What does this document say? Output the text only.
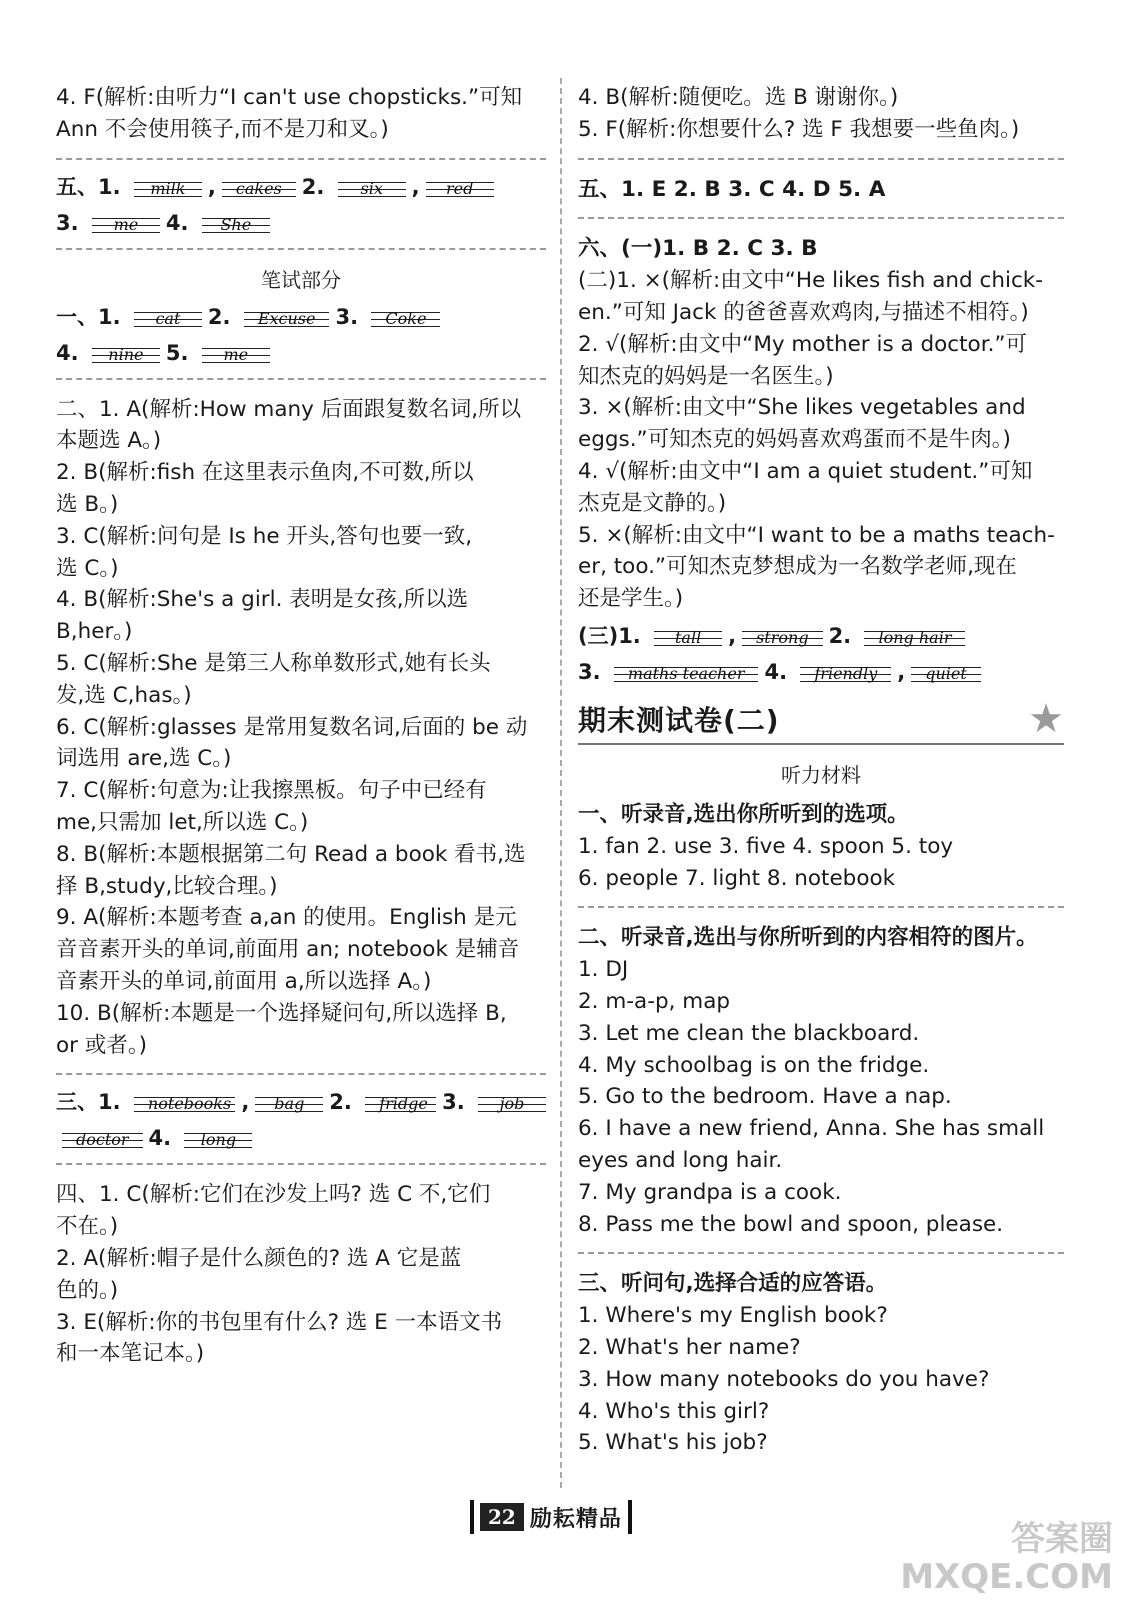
4. F(解析:由听力“I can't use chopsticks.”可知
Ann 不会使用筷子,而不是刀和叉。)

五、1.	milk	,	cakes 2.	six	,	red
3.	me	4.	She

笔试部分

一、1.	cat	2.	Excuse 3.	Coke
4.	nine	5.	me

二、1. A(解析:How many 后面跟复数名词,所以
本题选 A。)

2. B(解析:fish 在这里表示鱼肉,不可数,所以
选 B。)

3. C(解析:问句是 Is he 开头,答句也要一致,
选 C。)

4. B(解析:She's a girl. 表明是女孩,所以选
B,her。)

5. C(解析:She 是第三人称单数形式,她有长头
发,选 C,has。)

6. C(解析:glasses 是常用复数名词,后面的 be 动
词选用 are,选 C。)

7. C(解析:句意为:让我擦黑板。句子中已经有
me,只需加 let,所以选 C。)

8. B(解析:本题根据第二句 Read a book 看书,选
择 B,study,比较合理。)

9. A(解析:本题考查 a,an 的使用。English 是元
音音素开头的单词,前面用 an; notebook 是辅音
音素开头的单词,前面用 a,所以选择 A。)

10. B(解析:本题是一个选择疑问句,所以选择 B,
or 或者。)

三、1.	notebooks ,	bag	2.	fridge 3.	job
doctor 4.	long

四、1. C(解析:它们在沙发上吗? 选 C 不,它们
不在。)

2. A(解析:帽子是什么颜色的? 选 A 它是蓝
色的。)

3. E(解析:你的书包里有什么? 选 E 一本语文书
和一本笔记本。)

4. B(解析:随便吃。选 B 谢谢你。)

5. F(解析:你想要什么? 选 F 我想要一些鱼肉。)

五、1. E 2. B 3. C 4. D 5. A

六、(一)1. B 2. C 3. B

(二)1. ×(解析:由文中“He likes fish and chick-
en.”可知 Jack 的爸爸喜欢鸡肉,与描述不相符。)

2. √(解析:由文中“My mother is a doctor.”可
知杰克的妈妈是一名医生。)

3. ×(解析:由文中“She likes vegetables and
eggs.”可知杰克的妈妈喜欢鸡蛋而不是牛肉。)

4. √(解析:由文中“I am a quiet student.”可知
杰克是文静的。)

5. ×(解析:由文中“I want to be a maths teach-
er, too.”可知杰克梦想成为一名数学老师,现在
还是学生。)

(三)1.	tall	,	strong 2.	long hair
3.	maths teacher 4.	friendly ,	quiet
期末测试卷(二)	★

听力材料

一、听录音,选出你所听到的选项。

1. fan 2. use 3. five 4. spoon 5. toy
6. people 7. light 8. notebook

二、听录音,选出与你所听到的内容相符的图片。

1. DJ
2. m-a-p, map
3. Let me clean the blackboard.
4. My schoolbag is on the fridge.
5. Go to the bedroom. Have a nap.
6. I have a new friend, Anna. She has small
eyes and long hair.
7. My grandpa is a cook.
8. Pass me the bowl and spoon, please.

三、听问句,选择合适的应答语。

1. Where's my English book?
2. What's her name?
3. How many notebooks do you have?
4. Who's this girl?
5. What's his job?

22 励耘精品	答案圈
MXQE.COM
